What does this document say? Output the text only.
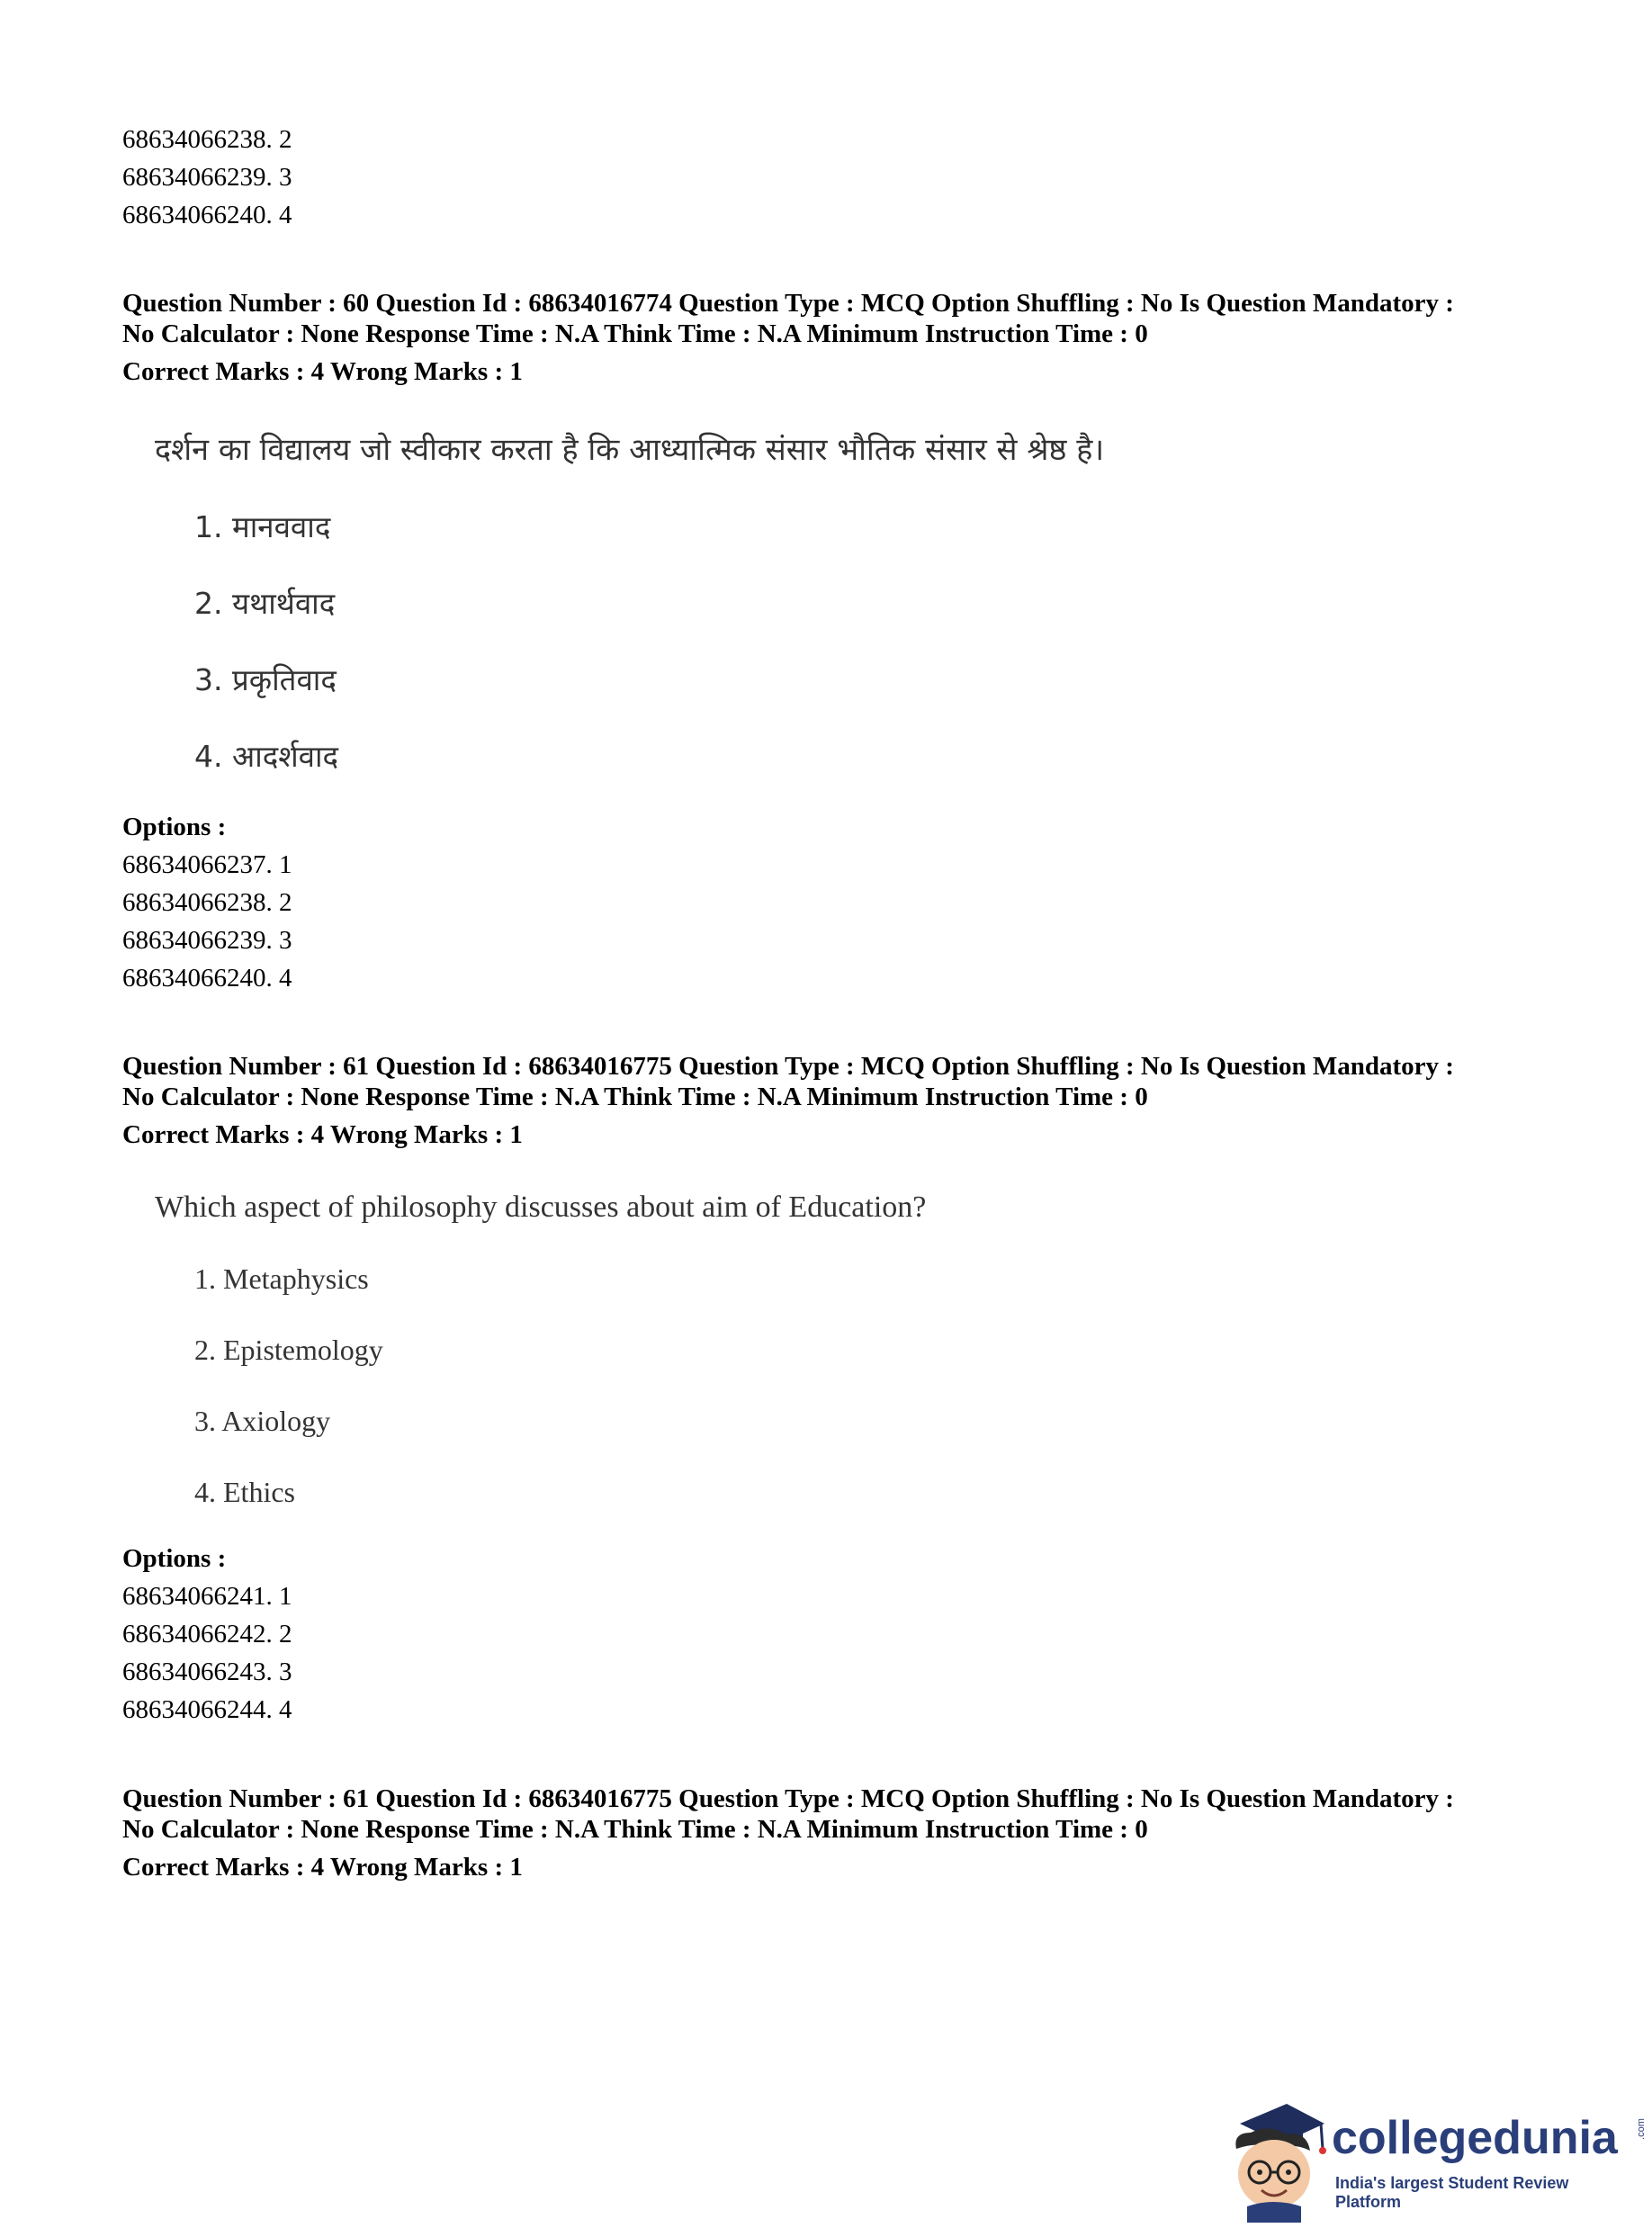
68634066238. 2
68634066239. 3
68634066240. 4
Question Number : 60 Question Id : 68634016774 Question Type : MCQ Option Shuffling : No Is Question Mandatory :
No Calculator : None Response Time : N.A Think Time : N.A Minimum Instruction Time : 0
Correct Marks : 4 Wrong Marks : 1
दर्शन का विद्यालय जो स्वीकार करता है कि आध्यात्मिक संसार भौतिक संसार से श्रेष्ठ है।
1. मानववाद
2. यथार्थवाद
3. प्रकृतिवाद
4. आदर्शवाद
Options :
68634066237. 1
68634066238. 2
68634066239. 3
68634066240. 4
Question Number : 61 Question Id : 68634016775 Question Type : MCQ Option Shuffling : No Is Question Mandatory :
No Calculator : None Response Time : N.A Think Time : N.A Minimum Instruction Time : 0
Correct Marks : 4 Wrong Marks : 1
Which aspect of philosophy discusses about aim of Education?
1. Metaphysics
2. Epistemology
3. Axiology
4. Ethics
Options :
68634066241. 1
68634066242. 2
68634066243. 3
68634066244. 4
Question Number : 61 Question Id : 68634016775 Question Type : MCQ Option Shuffling : No Is Question Mandatory :
No Calculator : None Response Time : N.A Think Time : N.A Minimum Instruction Time : 0
Correct Marks : 4 Wrong Marks : 1
collegedunia .com
India's largest Student Review Platform
